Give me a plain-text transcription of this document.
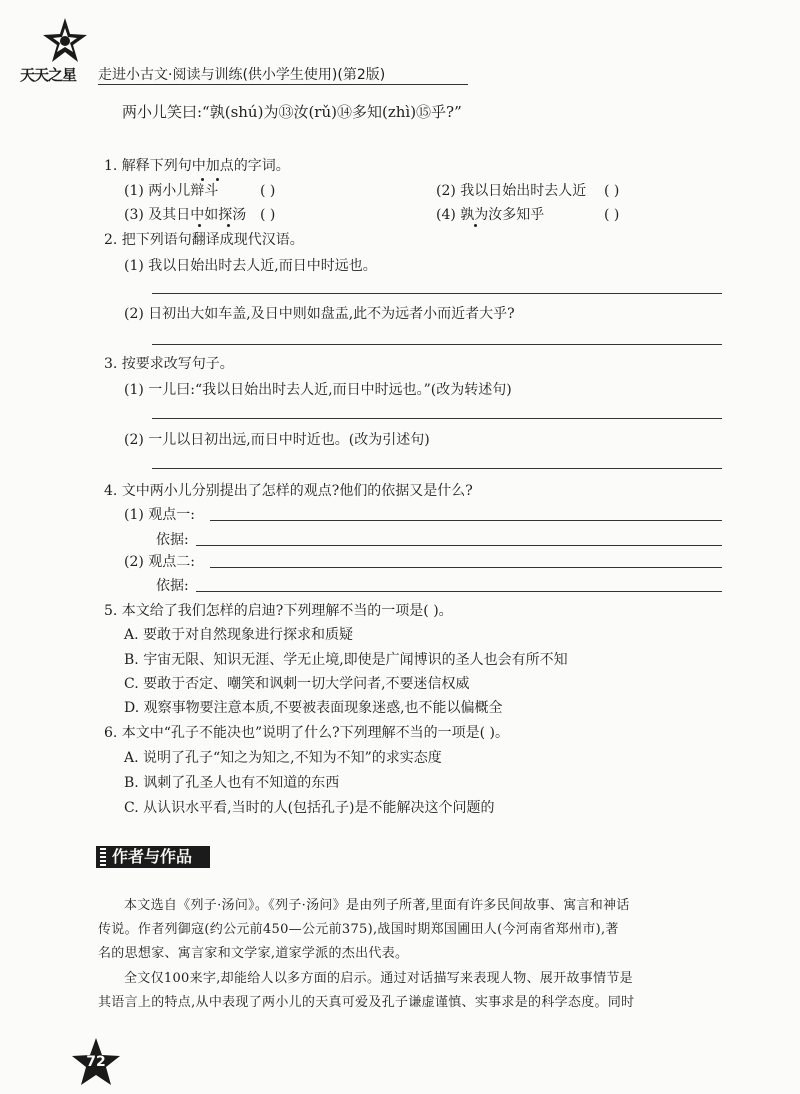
天天之星 走进小古文·阅读与训练(供小学生使用)(第2版)
两小儿笑曰:“孰(shú)为⑬汝(rǔ)⑭多知(zhì)⑮乎?”
1. 解释下列句中加点的字词。
(1) 两小儿辩斗	( )	(2) 我以日始出时去人近 ( )
(3) 及其日中如探汤 ( )	(4) 孰为汝多知乎	( )
2. 把下列语句翻译成现代汉语。
(1) 我以日始出时去人近,而日中时远也。
(2) 日初出大如车盖,及日中则如盘盂,此不为远者小而近者大乎?
3. 按要求改写句子。
(1) 一儿曰:“我以日始出时去人近,而日中时远也。”(改为转述句)
(2) 一儿以日初出远,而日中时近也。(改为引述句)
4. 文中两小儿分别提出了怎样的观点?他们的依据又是什么?
(1) 观点一:
依据:
(2) 观点二:
依据:
5. 本文给了我们怎样的启迪?下列理解不当的一项是( )。
A. 要敢于对自然现象进行探求和质疑
B. 宇宙无限、知识无涯、学无止境,即使是广闻博识的圣人也会有所不知
C. 要敢于否定、嘲笑和讽刺一切大学问者,不要迷信权威
D. 观察事物要注意本质,不要被表面现象迷惑,也不能以偏概全
6. 本文中“孔子不能决也”说明了什么?下列理解不当的一项是( )。
A. 说明了孔子“知之为知之,不知为不知”的求实态度
B. 讽刺了孔圣人也有不知道的东西
C. 从认识水平看,当时的人(包括孔子)是不能解决这个问题的
作者与作品
本文选自《列子·汤问》。《列子·汤问》是由列子所著,里面有许多民间故事、寓言和神话
传说。作者列御寇(约公元前450—公元前375),战国时期郑国圃田人(今河南省郑州市),著
名的思想家、寓言家和文学家,道家学派的杰出代表。
全文仅100来字,却能给人以多方面的启示。通过对话描写来表现人物、展开故事情节是
其语言上的特点,从中表现了两小儿的天真可爱及孔子谦虚谨慎、实事求是的科学态度。同时
72
